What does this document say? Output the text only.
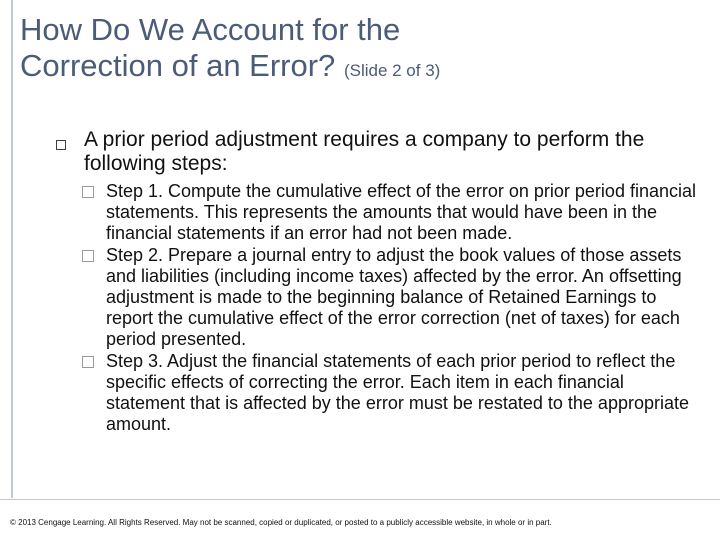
How Do We Account for the
Correction of an Error? (Slide 2 of 3)

A prior period adjustment requires a company to perform the following steps:

Step 1. Compute the cumulative effect of the error on prior period financial statements. This represents the amounts that would have been in the financial statements if an error had not been made.
Step 2. Prepare a journal entry to adjust the book values of those assets and liabilities (including income taxes) affected by the error. An offsetting adjustment is made to the beginning balance of Retained Earnings to report the cumulative effect of the error correction (net of taxes) for each period presented.
Step 3. Adjust the financial statements of each prior period to reflect the specific effects of correcting the error. Each item in each financial statement that is affected by the error must be restated to the appropriate amount.
© 2013 Cengage Learning. All Rights Reserved. May not be scanned, copied or duplicated, or posted to a publicly accessible website, in whole or in part.
